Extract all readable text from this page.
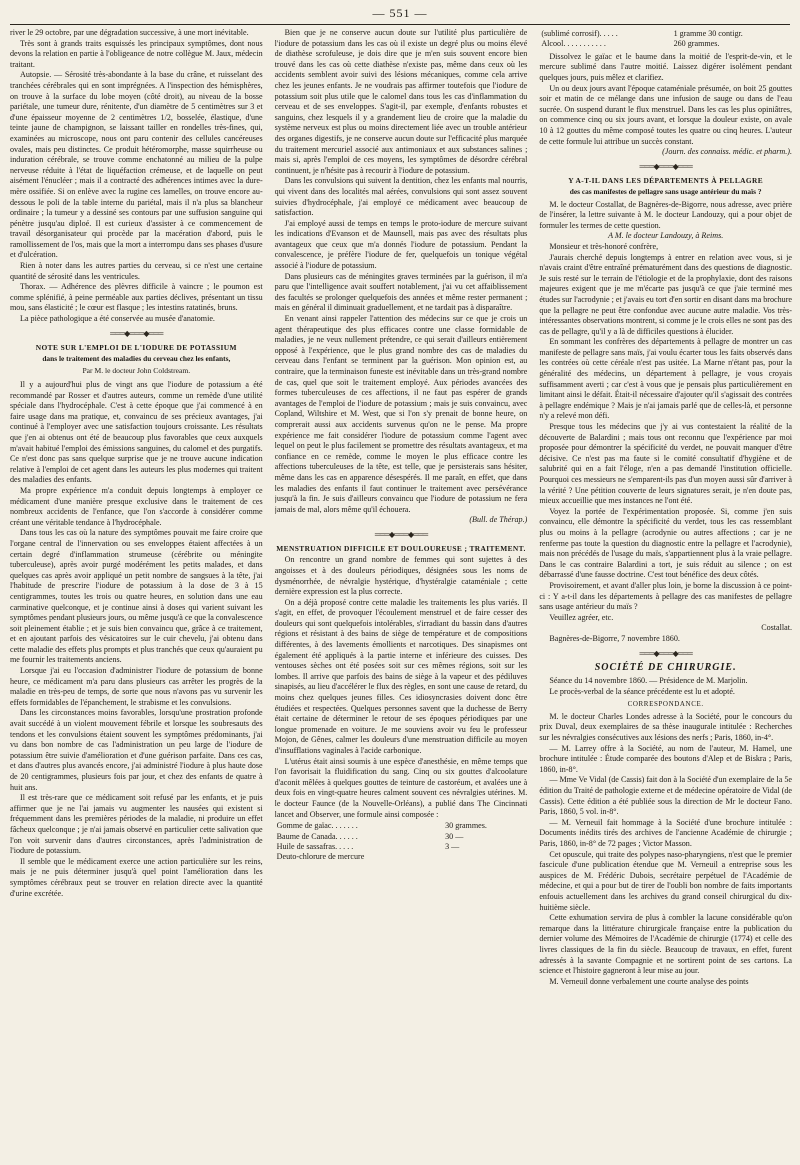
— 551 —

river le 29 octobre, par une dégradation successive, à une mort inévitable.

Très sont à grands traits esquissés les principaux symptômes, dont nous devons la relation en partie à l'obligeance de notre collègue M. Jaux, médecin traitant.

Autopsie. — Sérosité très-abondante à la base du crâne, et ruisselant des tranchées cérébrales qui en sont imprégnées. A l'inspection des hémisphères, on trouve à la surface du lobe moyen (côté droit), au niveau de la bosse pariétale, une tumeur dure, rénitente, d'un diamètre de 5 centimètres sur 3 et d'une épaisseur moyenne de 2 centimètres 1/2, bosselée, élastique, d'une teinte jaune de champignon, se laissant tailler en rondelles très-fines, qui, examinées au microscope, nous ont paru contenir des cellules cancéreuses ovales, mais peu distinctes. Ce produit hétéromorphe, masse squirrheuse ou induration cérébrale, se trouve comme enchatonné au milieu de la pulpe nerveuse réduite à l'état de liquéfaction crémeuse, et de laquelle on peut aisément l'énucléer ; mais il a contracté des adhérences intimes avec la dure-mère ossifiée. Si on enlève avec la rugine ces lamelles, on trouve encore au-dessous le poli de la table interne du pariétal, mais il n'a plus sa blancheur ordinaire ; la tumeur y a dessiné ses contours par une suffusion sanguine qui pénètre jusqu'au diploé. Il est curieux d'assister à ce commencement de travail désorganisateur qui procède par la macération d'abord, puis le ramollissement de l'os, mais que la mort a interrompu dans ses phases d'usure et d'ulcération.

Rien à noter dans les autres parties du cerveau, si ce n'est une certaine quantité de sérosité dans les ventricules.

Thorax. — Adhérence des plèvres difficile à vaincre ; le poumon est comme splénifié, à peine perméable aux parties déclives, présentant un tissu mou, sans élasticité ; le cœur est flasque ; les intestins ratatinés, bruns.

La pièce pathologique a été conservée au musée d'anatomie.

═══◆═══◆═══
NOTE SUR L'EMPLOI DE L'IODURE DE POTASSIUM
dans le traitement des maladies du cerveau chez les enfants,
Par M. le docteur John Coldstream.

Il y a aujourd'hui plus de vingt ans que l'iodure de potassium a été recommandé par Rosser et d'autres auteurs, comme un remède d'une utilité spéciale dans l'hydrocéphale. C'est à cette époque que j'ai commencé à en faire usage dans ma pratique, et, convaincu de ses précieux avantages, j'ai continué à l'employer avec une satisfaction toujours croissante. Les résultats que j'en ai obtenus ont été de beaucoup plus favorables que ceux auxquels m'avait habitué l'emploi des émissions sanguines, du calomel et des purgatifs. Ce n'est donc pas sans quelque surprise que je ne trouve aucune indication relative à l'emploi de cet agent dans les auteurs les plus modernes qui traitent des maladies des enfants.

Ma propre expérience m'a conduit depuis longtemps à employer ce médicament d'une manière presque exclusive dans le traitement de ces nombreux accidents de l'enfance, que l'on s'accorde à considérer comme créant une véritable tendance à l'hydrocéphale.

Dans tous les cas où la nature des symptômes pouvait me faire croire que l'organe central de l'innervation ou ses enveloppes étaient affectées à un certain degré d'inflammation strumeuse (cérébrite ou méningite tuberculeuse), après avoir purgé modérément les petits malades, et dans quelques cas après avoir appliqué un petit nombre de sangsues à la tête, j'ai l'habitude de prescrire l'iodure de potassium à la dose de 3 à 15 centigrammes, toutes les trois ou quatre heures, en solution dans une eau carminative quelconque, et je continue ainsi à doses qui varient suivant les symptômes pendant plusieurs jours, ou même jusqu'à ce que la convalescence soit pleinement établie ; et je suis bien convaincu que, grâce à ce traitement, et en ajoutant parfois des vésicatoires sur le cuir chevelu, j'ai obtenu dans cette maladie des effets plus prompts et plus tranchés que ceux qu'auraient pu me fournir les traitements anciens.

Lorsque j'ai eu l'occasion d'administrer l'iodure de potassium de bonne heure, ce médicament m'a paru dans plusieurs cas arrêter les progrès de la maladie en très-peu de temps, de sorte que nous n'avons pas vu survenir les effets formidables de l'épanchement, le strabisme et les convulsions.

Dans les circonstances moins favorables, lorsqu'une prostration profonde avait succédé à un violent mouvement fébrile et lorsque les soubresauts des tendons et les convulsions étaient souvent les symptômes prédominants, j'ai vu dans bon nombre de cas l'administration un peu large de l'iodure de potassium être suivie d'amélioration et d'une guérison parfaite. Dans ces cas, et dans d'autres plus avancés encore, j'ai administré l'iodure à plus haute dose de 20 centigrammes, plusieurs fois par jour, et chez des enfants de quatre à huit ans.

Il est très-rare que ce médicament soit refusé par les enfants, et je puis affirmer que je ne l'ai jamais vu augmenter les nausées qui existent si fréquemment dans les premières périodes de la maladie, ni produire un effet fâcheux quelconque ; je n'ai jamais observé en particulier cette salivation que l'on voit survenir dans d'autres circonstances, après l'administration de l'iodure de potassium.

Il semble que le médicament exerce une action particulière sur les reins, mais je ne puis déterminer jusqu'à quel point l'amélioration dans les symptômes cérébraux peut se trouver en relation directe avec la quantité d'urine excrétée.

Bien que je ne conserve aucun doute sur l'utilité plus particulière de l'iodure de potassium dans les cas où il existe un degré plus ou moins élevé de diathèse scrofuleuse, je dois dire que je m'en suis souvent encore bien trouvé dans les cas où cette diathèse n'existe pas, même dans ceux où les accidents semblent avoir suivi des lésions mécaniques, comme cela arrive chez les jeunes enfants. Je ne voudrais pas affirmer toutefois que l'iodure de potassium soit plus utile que le calomel dans tous les cas d'inflammation du cerveau et de ses enveloppes. S'agit-il, par exemple, d'enfants robustes et sanguins, chez lesquels il y a grandement lieu de croire que la maladie du système nerveux est plus ou moins directement liée avec un trouble antérieur des organes digestifs, je ne conserve aucun doute sur l'efficacité plus marquée du traitement mercuriel associé aux antimoniaux et aux substances salines ; mais si, après l'emploi de ces moyens, les symptômes de désordre cérébral continuent, je n'hésite pas à recourir à l'iodure de potassium.

Dans les convulsions qui suivent la dentition, chez les enfants mal nourris, qui vivent dans des localités mal aérées, convulsions qui sont assez souvent suivies d'hydrocéphale, j'ai employé ce médicament avec beaucoup de satisfaction.

J'ai employé aussi de temps en temps le proto-iodure de mercure suivant les indications d'Evanson et de Maunsell, mais pas avec des résultats plus avantageux que ceux que m'a donnés l'iodure de potassium. Pendant la convalescence, je préfère l'iodure de fer, quelquefois un tonique végétal associé à l'iodure de potassium.

Dans plusieurs cas de méningites graves terminées par la guérison, il m'a paru que l'intelligence avait souffert notablement, j'ai vu cet affaiblissement des facultés se prolonger quelquefois des années et même rester permanent ; mais en général il diminuait graduellement, et ne tardait pas à disparaître.

En venant ainsi rappeler l'attention des médecins sur ce que je crois un agent thérapeutique des plus efficaces contre une classe formidable de maladies, je ne veux nullement prétendre, ce qui serait d'ailleurs entièrement opposé à l'expérience, que le plus grand nombre des cas de maladies du cerveau dans l'enfant se terminent par la guérison. Mon opinion est, au contraire, que la terminaison funeste est inévitable dans un très-grand nombre de cas, quel que soit le traitement employé. Aux périodes avancées des formes tuberculeuses de ces affections, il ne faut pas espérer de grands avantages de l'emploi de l'iodure de potassium ; mais je suis convaincu, avec Copland, Wiltshire et M. West, que si l'on s'y prenait de bonne heure, on comprerait aussi aux accidents survenus qu'on ne le pense. Ma propre expérience me fait considérer l'iodure de potassium comme l'agent avec lequel on peut le plus facilement se promettre des résultats avantageux, et ma confiance en ce remède, comme le moyen le plus efficace contre les affections tuberculeuses de la tête, est telle, que je persisterais sans hésiter, même dans les cas en apparence désespérés. Il me paraît, en effet, que dans les maladies des enfants il faut continuer le traitement avec persévérance jusqu'à la fin. Je suis d'ailleurs convaincu que l'iodure de potassium ne fera jamais de mal, alors même qu'il échouera.

(Bull. de Thérap.)
═══◆═══◆═══
MENSTRUATION DIFFICILE ET DOULOUREUSE ; TRAITEMENT.

On rencontre un grand nombre de femmes qui sont sujettes à des angoisses et à des douleurs périodiques, désignées sous les noms de dysménorrhée, de névralgie hystérique, d'hystéralgie cataméniale ; cette dernière expression est la plus correcte.

On a déjà proposé contre cette maladie les traitements les plus variés. Il s'agit, en effet, de provoquer l'écoulement menstruel et de faire cesser des douleurs qui sont quelquefois intolérables, s'irradiant du bassin dans d'autres régions et résistant à des bains de siège de température et de compositions différentes, à des lavements émollients et narcotiques. Des sinapismes ont également été appliqués à la partie interne et inférieure des cuisses. Des ventouses sèches ont été posées soit sur ces mêmes régions, soit sur les lombes. Il arrive que parfois des bains de siège à la vapeur et des pédiluves sinapisés, au lieu d'accélérer le flux des règles, en sont une cause de retard, du moins chez quelques jeunes filles. Ces idiosyncrasies doivent donc être étudiées et respectées. Quelques personnes savent que la duchesse de Berry était certaine de déterminer le retour de ses époques périodiques par une longue promenade en voiture. Je me souviens avoir vu feu le professeur Mojon, de Gênes, calmer les douleurs d'une menstruation difficile au moyen d'insufflations vaginales à l'acide carbonique.

L'utérus était ainsi soumis à une espèce d'anesthésie, en même temps que l'on favorisait la fluidification du sang. Cinq ou six gouttes d'alcoolature d'aconit mêlées à quelques gouttes de teinture de castoréum, et avalées une à deux fois en vingt-quatre heures calment souvent ces névralgies utérines. M. le docteur Faunce (de la Nouvelle-Orléans), a publié dans The Cincinnati lancet and Observer, une formule ainsi composée :

Gomme de gaïac. . . . . . .	30 grammes.
Baume de Canada. . . . . .	30 —
Huile de sassafras. . . . .	3 —
Deuto-chlorure de mercure	
(sublimé corrosif). . . . .	1 gramme 30 contigr.
Alcool. . . . . . . . . . .	260 grammes.

Dissolvez le gaïac et le baume dans la moitié de l'esprit-de-vin, et le mercure sublimé dans l'autre moitié. Laissez digérer isolément pendant quelques jours, puis mêlez et clarifiez.

Un ou deux jours avant l'époque cataméniale présumée, on boit 25 gouttes soir et matin de ce mélange dans une infusion de sauge ou dans de l'eau sucrée. On suspend durant le flux menstruel. Dans les cas les plus opiniâtres, on commence cinq ou six jours avant, et lorsque la douleur existe, on avale 10 à 12 gouttes du même composé toutes les quatre ou cinq heures. L'auteur de cette formule lui attribue un succès constant.

(Journ. des connaiss. médic. et pharm.).
═══◆═══◆═══
Y A-T-IL DANS LES DÉPARTEMENTS À PELLAGRE
des cas manifestes de pellagre sans usage antérieur du maïs ?

M. le docteur Costallat, de Bagnères-de-Bigorre, nous adresse, avec prière de l'insérer, la lettre suivante à M. le docteur Landouzy, qui a pour objet de formuler les termes de cette question.

A M. le docteur Landouzy, à Reims.

Monsieur et très-honoré confrère,

J'aurais cherché depuis longtemps à entrer en relation avec vous, si je n'avais craint d'être entraîné prématurément dans des questions de diagnostic. Je suis resté sur le terrain de l'étiologie et de la prophylaxie, dont des raisons majeures exigent que je me m'écarte pas jusqu'à ce que j'aie terminé mes études sur l'acrodynie ; et j'avais eu tort d'en sortir en disant dans ma brochure que la pellagre ne peut être confondue avec aucune autre maladie. Vos très-intéressantes observations montrent, si comme je le crois elles ne sont pas des cas de pellagre, qu'il y a là de difficiles questions à élucider.

En sommant les confrères des départements à pellagre de montrer un cas manifeste de pellagre sans maïs, j'ai voulu écarter tous les faits observés dans les contrées où cette céréale n'est pas usitée. La Marne n'étant pas, pour la généralité des médecins, un département à pellagre, je vous croyais suffisamment averti ; car c'est à vous que je pensais plus particulièrement en limitant ainsi le défait. Était-il nécessaire d'ajouter qu'il s'agissait des contrées à pellagre endémique ? Mais je n'ai jamais parlé que de celles-là, et personne n'y a relevé mon défi.

Presque tous les médecins que j'y ai vus contestaient la réalité de la découverte de Balardini ; mais tous ont reconnu que l'expérience par moi proposée pour démontrer la spécificité du verdet, ne pouvait manquer d'être décisive. Ce n'est pas ma faute si le comité consultatif d'hygiène et de salubrité qui en a fait l'éloge, n'en a pas demandé l'institution officielle. Pourquoi ces messieurs ne s'emparent-ils pas d'un moyen aussi sûr d'arriver à la vérité ? Une pétition couverte de leurs signatures serait, je n'en doute pas, mieux accueillie que mes instances ne l'ont été.

Voyez la portée de l'expérimentation proposée. Si, comme j'en suis convaincu, elle démontre la spécificité du verdet, tous les cas ressemblant plus ou moins à la pellagre (acrodynie ou autres affections ; car je ne renferme pas toute la question du diagnostic entre la pellagre et l'acrodynie), mais non précédés de l'usage du maïs, s'appartiennent plus à la vraie pellagre. Dans le cas contraire Balardini a tort, je suis réduit au silence ; on est débarrassé d'une fausse doctrine. C'est tout bénéfice des deux côtés.

Provisoirement, et avant d'aller plus loin, je borne la discussion à ce point-ci : Y a-t-il dans les départements à pellagre des cas manifestes de pellagre sans usage antérieur du maïs ?

Veuillez agréer, etc.

Costallat.

Bagnères-de-Bigorre, 7 novembre 1860.

═══◆═══◆═══
SOCIÉTÉ DE CHIRURGIE.

Séance du 14 novembre 1860. — Présidence de M. Marjolin.

Le procès-verbal de la séance précédente est lu et adopté.

CORRESPONDANCE.

M. le docteur Charles Londes adresse à la Société, pour le concours du prix Duval, deux exemplaires de sa thèse inaugurale intitulée : Recherches sur les névralgies consécutives aux lésions des nerfs ; Paris, 1860, in-4°.

— M. Larrey offre à la Société, au nom de l'auteur, M. Hamel, une brochure intitulée : Étude comparée des boutons d'Alep et de Biskra ; Paris, 1860, in-8°.

— Mme Ve Vidal (de Cassis) fait don à la Société d'un exemplaire de la 5e édition du Traité de pathologie externe et de médecine opératoire de Vidal (de Cassis). Cette édition a été publiée sous la direction de Mr le docteur Fano. Paris, 1860, 5 vol. in-8°.

— M. Verneuil fait hommage à la Société d'une brochure intitulée : Documents inédits tirés des archives de l'ancienne Académie de chirurgie ; Paris, 1860, in-8° de 72 pages ; Victor Masson.

Cet opuscule, qui traite des polypes naso-pharyngiens, n'est que le premier fascicule d'une publication étendue que M. Verneuil a entreprise sous les auspices de M. Frédéric Dubois, secrétaire perpétuel de l'Académie de médecine, et qui a pour but de tirer de l'oubli bon nombre de faits importants enfouis actuellement dans les archives du grand conseil chirurgical du dix-huitième siècle.

Cette exhumation servira de plus à combler la lacune considérable qu'on remarque dans la littérature chirurgicale française entre la publication du dernier volume des Mémoires de l'Académie de chirurgie (1774) et celle des livres classiques de la fin du siècle. Beaucoup de travaux, en effet, furent adressés à la savante Compagnie et ne sortirent point de ses cartons. La science et l'histoire gagneront à leur mise au jour.

M. Verneuil donne verbalement une courte analyse des points
